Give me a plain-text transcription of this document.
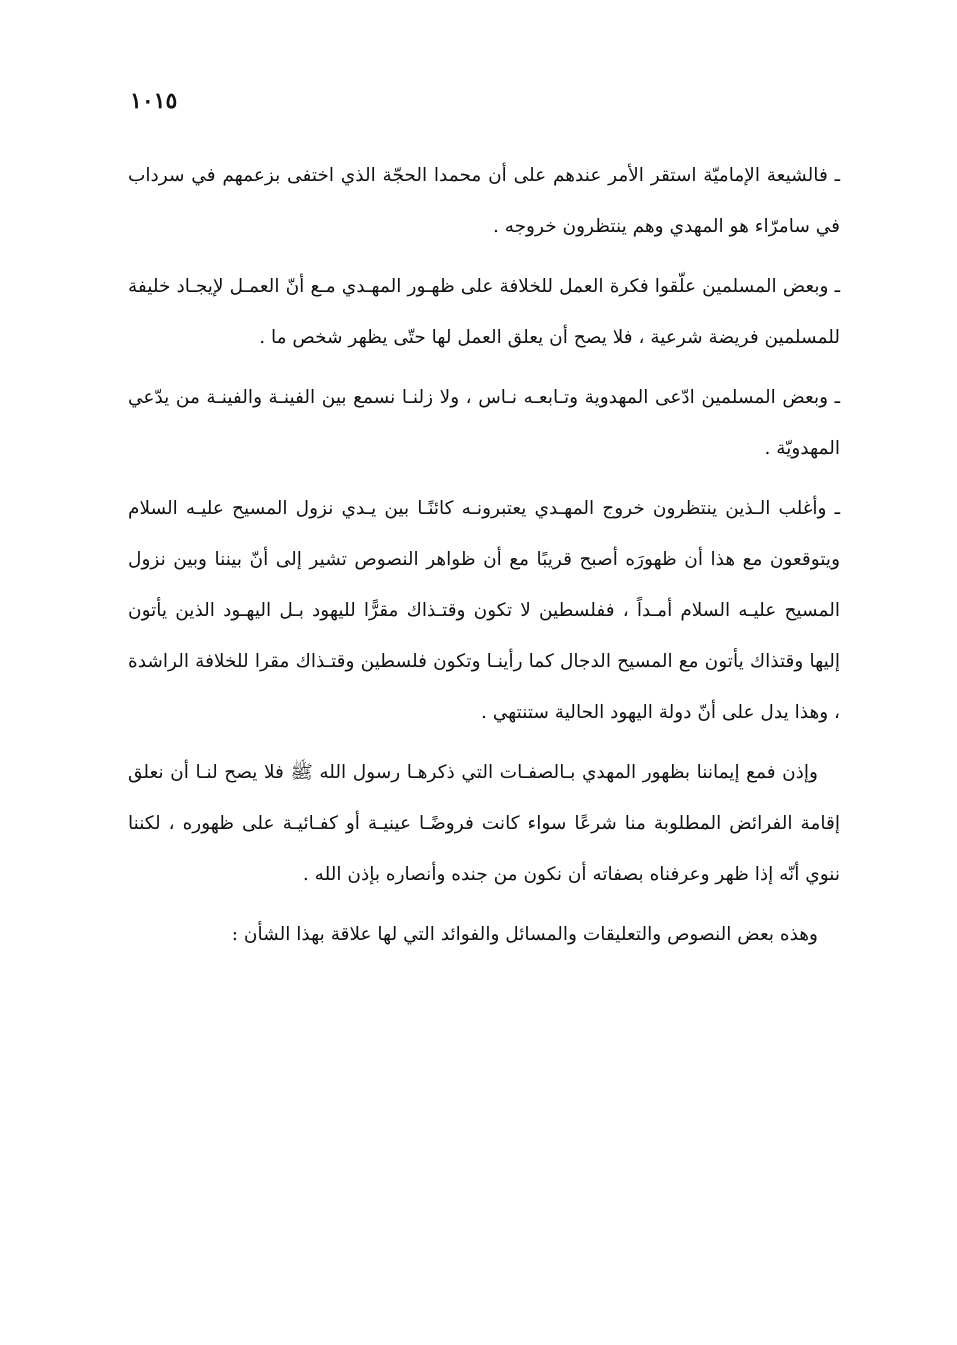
١٠١٥

ـ فالشيعة الإماميّة استقر الأمر عندهم على أن محمدا الحجّة الذي اختفى بزعمهم في سرداب في سامرّاء هو المهدي وهم ينتظرون خروجه .

ـ وبعض المسلمين علّقوا فكرة العمل للخلافة على ظهـور المهـدي مـع أنّ العمـل لإيجـاد خليفة للمسلمين فريضة شرعية ، فلا يصح أن يعلق العمل لها حتّى يظهر شخص ما .

ـ وبعض المسلمين ادّعى المهدوية وتـابعـه نـاس ، ولا زلنـا نسمع بين الفينـة والفينـة من يدّعي المهدويّة .

ـ وأغلب الـذين ينتظرون خروج المهـدي يعتبرونـه كائنًـا بين يـدي نزول المسيح عليـه السلام ويتوقعون مع هذا أن ظهورَه أصبح قريبًا مع أن ظواهر النصوص تشير إلى أنّ بيننا وبين نزول المسيح عليـه السلام أمـداً ، ففلسطين لا تكون وقتـذاك مقرًّا لليهود بـل اليهـود الذين يأتون إليها وقتذاك يأتون مع المسيح الدجال كما رأينـا وتكون فلسطين وقتـذاك مقرا للخلافة الراشدة ، وهذا يدل على أنّ دولة اليهود الحالية ستنتهي .

وإذن فمع إيماننا بظهور المهدي بـالصفـات التي ذكرهـا رسول الله ﷺ فلا يصح لنـا أن نعلق إقامة الفرائض المطلوبة منا شرعًا سواء كانت فروضًـا عينيـة أو كفـائيـة على ظهوره ، لكننا ننوي أنّه إذا ظهر وعرفناه بصفاته أن نكون من جنده وأنصاره بإذن الله .

وهذه بعض النصوص والتعليقات والمسائل والفوائد التي لها علاقة بهذا الشأن :
